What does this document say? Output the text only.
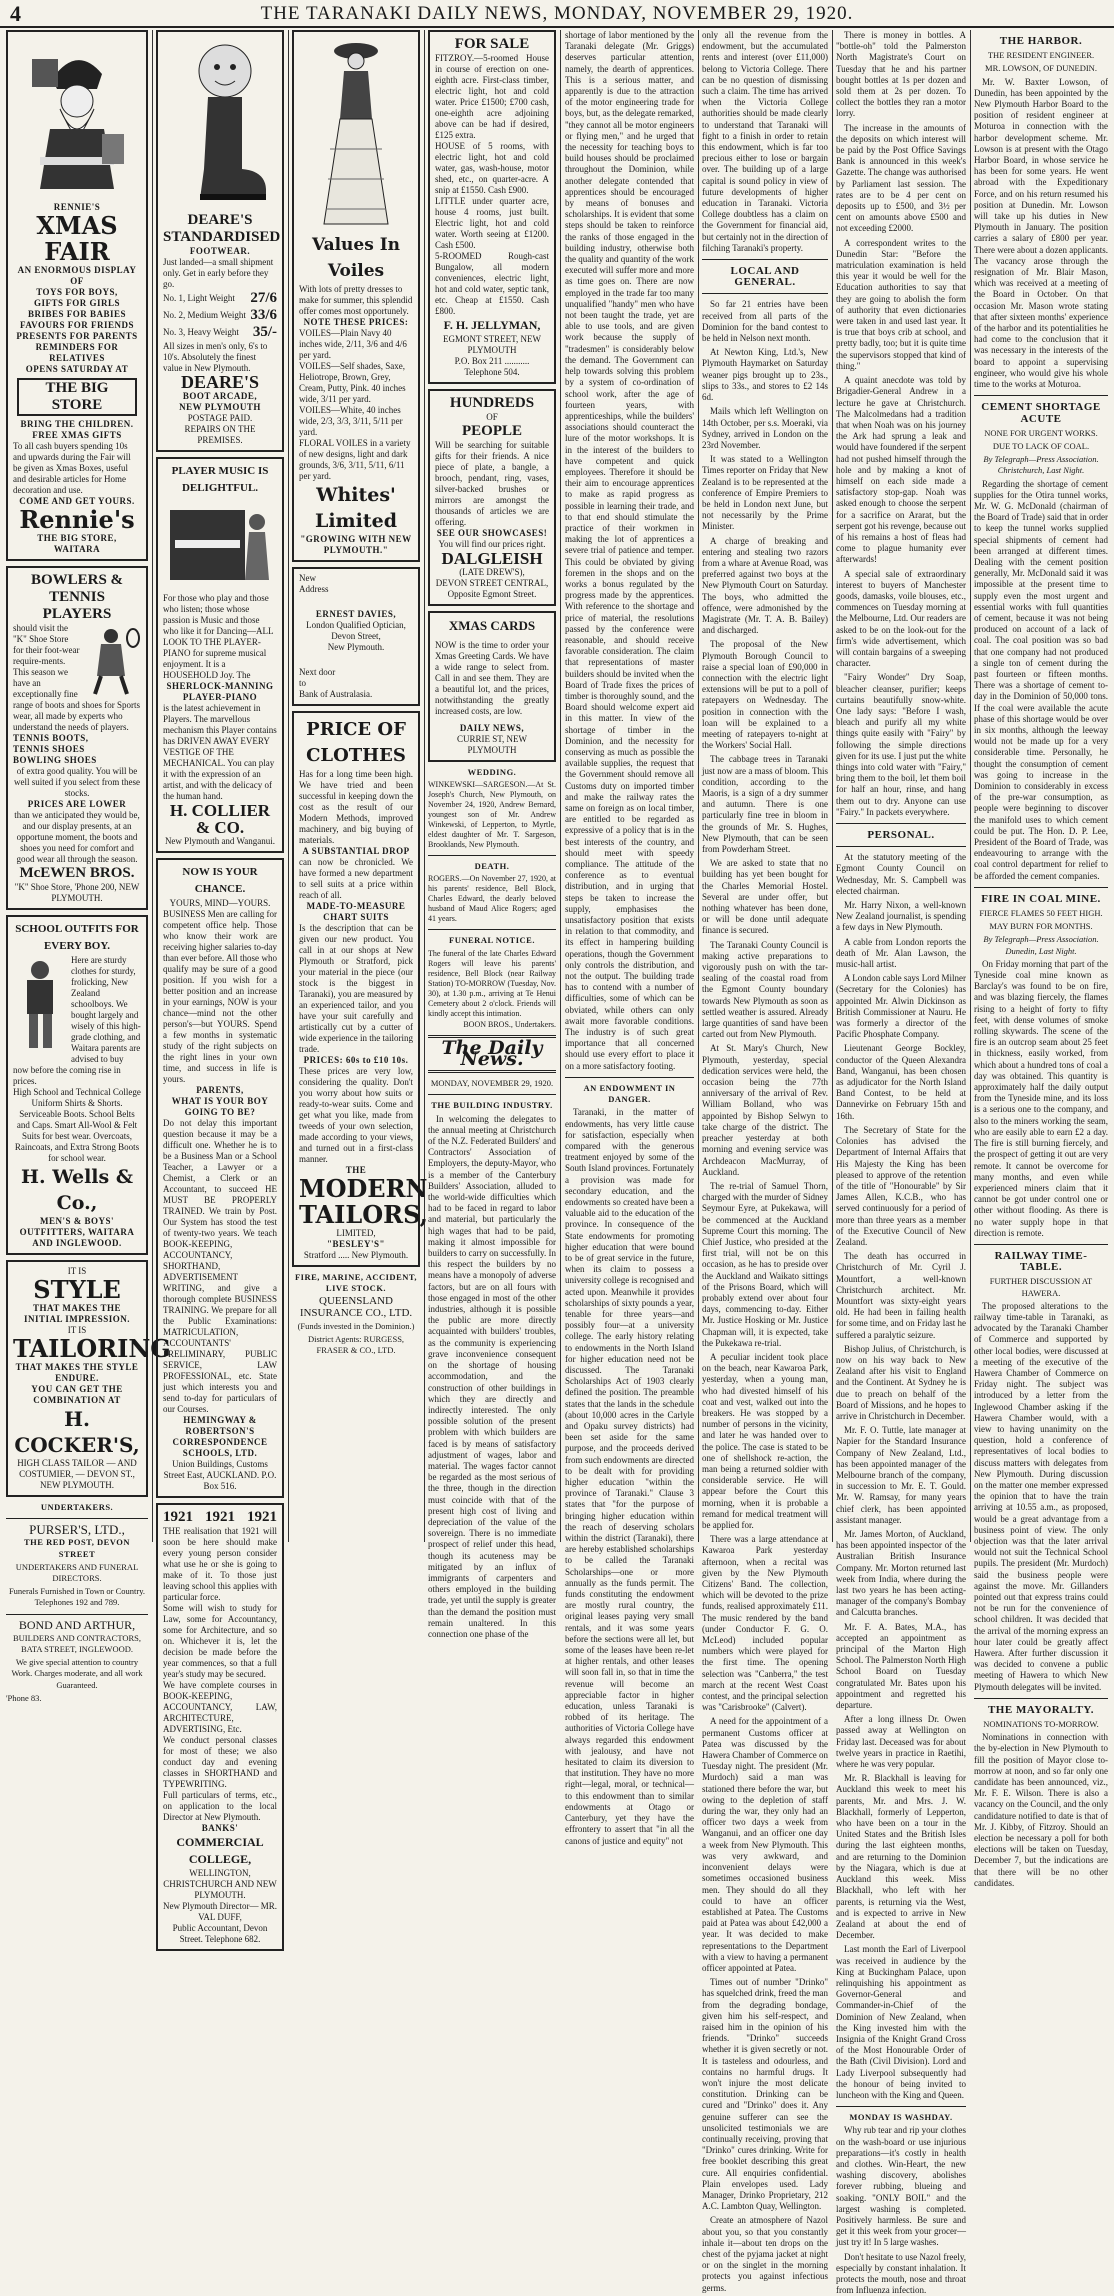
4	THE TARANAKI DAILY NEWS, MONDAY, NOVEMBER 29, 1920.
RENNIE'S
XMAS FAIR
AN ENORMOUS DISPLAY OF
TOYS FOR BOYS,
GIFTS FOR GIRLS
BRIBES FOR BABIES
FAVOURS FOR FRIENDS
PRESENTS FOR PARENTS
REMINDERS FOR RELATIVES
OPENS SATURDAY AT
THE BIG STORE
BRING THE CHILDREN.
FREE XMAS GIFTS
To all cash buyers spending 10s and upwards during the Fair will be given as Xmas Boxes, useful and desirable articles for Home decoration and use.
COME AND GET YOURS.
Rennie's
THE BIG STORE, WAITARA
BOWLERS & TENNIS PLAYERS
should visit the "K" Shoe Store for their foot-wear require-ments. This season we have an exceptionally fine range of boots and shoes for Sports wear, all made by experts who understand the needs of players.
TENNIS BOOTS,
TENNIS SHOES
BOWLING SHOES
of extra good quality. You will be well suited if you select from these stocks.
PRICES ARE LOWER
than we anticipated they would be, and our display presents, at an opportune moment, the boots and shoes you need for comfort and good wear all through the season.
McEWEN BROS.
"K" Shoe Store, 'Phone 200, NEW PLYMOUTH.
SCHOOL OUTFITS FOR EVERY BOY.
Here are sturdy clothes for sturdy, frolicking, New Zealand schoolboys. We bought largely and wisely of this high-grade clothing, and Waitara parents are advised to buy now before the coming rise in prices.
High School and Technical College Uniform Shirts & Shorts. Serviceable Boots. School Belts and Caps. Smart All-Wool & Felt Suits for best wear. Overcoats, Raincoats, and Extra Strong Boots for school wear.
H. Wells & Co.,
MEN'S & BOYS' OUTFITTERS, WAITARA AND INGLEWOOD.
IT IS
STYLE
THAT MAKES THE INITIAL IMPRESSION.
IT IS
TAILORING
THAT MAKES THE STYLE ENDURE.
YOU CAN GET THE COMBINATION AT
H. COCKER'S,
HIGH CLASS TAILOR — AND COSTUMIER, — DEVON ST., NEW PLYMOUTH.
UNDERTAKERS.
PURSER'S, LTD.,
THE RED POST, DEVON STREET
UNDERTAKERS AND FUNERAL DIRECTORS.
Funerals Furnished in Town or Country. Telephones 192 and 789.
BOND AND ARTHUR,
BUILDERS AND CONTRACTORS, BATA STREET, INGLEWOOD.
We give special attention to country Work. Charges moderate, and all work Guaranteed.
'Phone 83.
DEARE'S
STANDARDISED
FOOTWEAR.
Just landed—a small shipment only. Get in early before they go.
No. 1, Light Weight 27/6
No. 2, Medium Weight 33/6
No. 3, Heavy Weight 35/-
All sizes in men's only, 6's to 10's. Absolutely the finest value in New Plymouth.
DEARE'S
BOOT ARCADE,
NEW PLYMOUTH
POSTAGE PAID.
REPAIRS ON THE PREMISES.
PLAYER MUSIC IS DELIGHTFUL.
For those who play and those who listen; those whose passion is Music and those who like it for Dancing—ALL LOOK TO THE PLAYER-PIANO for supreme musical enjoyment. It is a HOUSEHOLD Joy. The
SHERLOCK-MANNING PLAYER-PIANO
is the latest achievement in Players. The marvellous mechanism this Player contains has DRIVEN AWAY EVERY VESTIGE OF THE MECHANICAL. You can play it with the expression of an artist, and with the delicacy of the human hand.
H. COLLIER & CO.
New Plymouth and Wanganui.
NOW IS YOUR CHANCE.
YOURS, MIND—YOURS.
BUSINESS Men are calling for competent office help. Those who know their work are receiving higher salaries to-day than ever before. All those who qualify may be sure of a good position. If you wish for a better position and an increase in your earnings, NOW is your chance—mind not the other person's—but YOURS. Spend a few months in systematic study of the right subjects on the right lines in your own time, and success in life is yours.
PARENTS,
WHAT IS YOUR BOY GOING TO BE?
Do not delay this important question because it may be a difficult one. Whether he is to be a Business Man or a School Teacher, a Lawyer or a Chemist, a Clerk or an Accountant, to succeed HE MUST BE PROPERLY TRAINED. We train by Post. Our System has stood the test of twenty-two years. We teach BOOK-KEEPING, ACCOUNTANCY, SHORTHAND, ADVERTISEMENT WRITING, and give a thorough complete BUSINESS TRAINING. We prepare for all the Public Examinations: MATRICULATION, ACCOUNTANTS' PRELIMINARY, PUBLIC SERVICE, LAW PROFESSIONAL, etc. State just which interests you and send to-day for particulars of our Courses.
HEMINGWAY & ROBERTSON'S CORRESPONDENCE SCHOOLS, LTD.
Union Buildings, Customs Street East, AUCKLAND. P.O. Box 516.
1921 1921 1921
THE realisation that 1921 will soon be here should make every young person consider what use he or she is going to make of it. To those just leaving school this applies with particular force.
Some will wish to study for Law, some for Accountancy, some for Architecture, and so on. Whichever it is, let the decision be made before the year commences, so that a full year's study may be secured.
We have complete courses in BOOK-KEEPING, ACCOUNTANCY, LAW, ARCHITECTURE, ADVERTISING, Etc.
We conduct personal classes for most of these; we also conduct day and evening classes in SHORTHAND and TYPEWRITING.
Full particulars of terms, etc., on application to the local Director at New Plymouth.
BANKS'
COMMERCIAL COLLEGE,
WELLINGTON, CHRISTCHURCH AND NEW PLYMOUTH.
New Plymouth Director— MR. VAL DUFF,
Public Accountant, Devon Street. Telephone 682.
Values In Voiles
With lots of pretty dresses to make for summer, this splendid offer comes most opportunely.
NOTE THESE PRICES:
VOILES—Plain Navy 40 inches wide, 2/11, 3/6 and 4/6 per yard.
VOILES—Self shades, Saxe, Heliotrope, Brown, Grey, Cream, Putty, Pink. 40 inches wide, 3/11 per yard.
VOILES—White, 40 inches wide, 2/3, 3/3, 3/11, 5/11 per yard.
FLORAL VOILES in a variety of new designs, light and dark grounds, 3/6, 3/11, 5/11, 6/11 per yard.
Whites' Limited
"GROWING WITH NEW PLYMOUTH."
New
Address
ERNEST DAVIES,
London Qualified Optician,
Devon Street,
New Plymouth.
Next door
to
Bank of Australasia.
PRICE OF CLOTHES
Has for a long time been high. We have tried and been successful in keeping down the cost as the result of our Modern Methods, improved machinery, and big buying of materials.
A SUBSTANTIAL DROP
can now be chronicled. We have formed a new department to sell suits at a price within reach of all.
MADE-TO-MEASURE CHART SUITS
Is the description that can be given our new product. You call in at our shops at New Plymouth or Stratford, pick your material in the piece (our stock is the biggest in Taranaki), you are measured by an experienced tailor, and you have your suit carefully and artistically cut by a cutter of wide experience in the tailoring trade.
PRICES: 60s to £10 10s.
These prices are very low, considering the quality. Don't you worry about how suits or ready-to-wear suits. Come and get what you like, made from tweeds of your own selection, made according to your views, and turned out in a first-class manner.
THE
MODERN
TAILORS,
LIMITED,
"BESLEY'S"
Stratford ..... New Plymouth.
FIRE, MARINE, ACCIDENT, LIVE STOCK.
QUEENSLAND INSURANCE CO., LTD.
(Funds invested in the Dominion.)
District Agents: RURGESS, FRASER & CO., LTD.
FOR SALE
FITZROY.—5-roomed House in course of erection on one-eighth acre. First-class timber, electric light, hot and cold water. Price £1500; £700 cash, one-eighth acre adjoining above can be had if desired, £125 extra.
HOUSE of 5 rooms, with electric light, hot and cold water, gas, wash-house, motor shed, etc., on quarter-acre. A snip at £1550. Cash £900.
LITTLE under quarter acre, house 4 rooms, just built. Electric light, hot and cold water. Worth seeing at £1200. Cash £500.
5-ROOMED Rough-cast Bungalow, all modern conveniences, electric light, hot and cold water, septic tank, etc. Cheap at £1550. Cash £800.
F. H. JELLYMAN,
EGMONT STREET, NEW PLYMOUTH
P.O. Box 211 ........... Telephone 504.
HUNDREDS
OF
PEOPLE
Will be searching for suitable gifts for their friends. A nice piece of plate, a bangle, a brooch, pendant, ring, vases, silver-backed brushes or mirrors are amongst the thousands of articles we are offering.
SEE OUR SHOWCASES!
You will find our prices right.
DALGLEISH
(LATE DREW'S),
DEVON STREET CENTRAL, Opposite Egmont Street.
XMAS CARDS
NOW is the time to order your Xmas Greeting Cards. We have a wide range to select from. Call in and see them. They are a beautiful lot, and the prices, notwithstanding the greatly increased costs, are low.
DAILY NEWS,
CURRIE ST, NEW PLYMOUTH
WEDDING.
WINKEWSKI—SARGESON.—At St. Joseph's Church, New Plymouth, on November 24, 1920, Andrew Bernard, youngest son of Mr. Andrew Winkewski, of Lepperton, to Myrtle, eldest daughter of Mr. T. Sargeson, Brooklands, New Plymouth.
DEATH.
ROGERS.—On November 27, 1920, at his parents' residence, Bell Block, Charles Edward, the dearly beloved husband of Maud Alice Rogers; aged 41 years.
FUNERAL NOTICE.
The funeral of the late Charles Edward Rogers will leave his parents' residence, Bell Block (near Railway Station) TO-MORROW (Tuesday, Nov. 30), at 1.30 p.m., arriving at Te Henui Cemetery about 2 o'clock. Friends will kindly accept this intimation.
BOON BROS., Undertakers.
The Daily News.
MONDAY, NOVEMBER 29, 1920.
THE BUILDING INDUSTRY.
In welcoming the delegates to the annual meeting at Christchurch of the N.Z. Federated Builders' and Contractors' Association of Employers, the deputy-Mayor, who is a member of the Canterbury Builders' Association, alluded to the world-wide difficulties which had to be faced in regard to labor and material, but particularly the high wages that had to be paid, making it almost impossible for builders to carry on successfully. In this respect the builders by no means have a monopoly of adverse factors, but are on all fours with those engaged in most of the other industries, although it is possible the public are more directly acquainted with builders' troubles, as the community is experiencing grave inconvenience consequent on the shortage of housing accommodation, and the construction of other buildings in which they are directly and indirectly interested. The only possible solution of the present problem with which builders are faced is by means of satisfactory adjustment of wages, labor and material. The wages factor cannot be regarded as the most serious of the three, though in the direction must coincide with that of the present high cost of living and depreciation of the value of the sovereign. There is no immediate prospect of relief under this head, though its acuteness may be mitigated by an influx of immigrants of carpenters and others employed in the building trade, yet until the supply is greater than the demand the position must remain unaltered. In this connection one phase of the
shortage of labor mentioned by the Taranaki delegate (Mr. Griggs) deserves particular attention, namely, the dearth of apprentices. This is a serious matter, and apparently is due to the attraction of the motor engineering trade for boys, but, as the delegate remarked, "they cannot all be motor engineers or flying men," and he urged that the necessity for teaching boys to build houses should be proclaimed throughout the Dominion, while another delegate contended that apprentices should be encouraged by means of bonuses and scholarships. It is evident that some steps should be taken to reinforce the ranks of those engaged in the building industry, otherwise both the quality and quantity of the work executed will suffer more and more as time goes on. There are now employed in the trade far too many unqualified "handy" men who have not been taught the trade, yet are able to use tools, and are given work because the supply of "tradesmen" is considerably below the demand. The Government can help towards solving this problem by a system of co-ordination of school work, after the age of fourteen years, with apprenticeships, while the builders' associations should counteract the lure of the motor workshops. It is in the interest of the builders to have competent and quick employees. Therefore it should be their aim to encourage apprentices to make as rapid progress as possible in learning their trade, and to that end should stimulate the practice of their workmen in making the lot of apprentices a severe trial of patience and temper. This could be obviated by giving foremen in the shops and on the works a bonus regulated by the progress made by the apprentices. With reference to the shortage and price of material, the resolutions passed by the conference were reasonable, and should receive favorable consideration. The claim that representations of master builders should be invited when the Board of Trade fixes the prices of timber is thoroughly sound, and the Board should welcome expert aid in this matter. In view of the shortage of timber in the Dominion, and the necessity for conserving as much as possible the available supplies, the request that the Government should remove all Customs duty on imported timber and make the railway rates the same on foreign as on local timber, are entitled to be regarded as expressive of a policy that is in the best interests of the country, and should meet with speedy compliance. The attitude of the conference as to eventual distribution, and in urging that steps be taken to increase the supply, emphasises the unsatisfactory position that exists in relation to that commodity, and its effect in hampering building operations, though the Government only controls the distribution, and not the output. The building trade has to contend with a number of difficulties, some of which can be obviated, while others can only await more favorable conditions. The industry is of such great importance that all concerned should use every effort to place it on a more satisfactory footing.
AN ENDOWMENT IN DANGER.
Taranaki, in the matter of endowments, has very little cause for satisfaction, especially when compared with the generous treatment enjoyed by some of the South Island provinces. Fortunately a provision was made for secondary education, and the endowments so created have been a valuable aid to the education of the province. In consequence of the State endowments for promoting higher education that were bound to be of great service in the future, when its claim to possess a university college is recognised and acted upon. Meanwhile it provides scholarships of sixty pounds a year, tenable for three years—and possibly four—at a university college. The early history relating to endowments in the North Island for higher education need not be discussed. The Taranaki Scholarships Act of 1903 clearly defined the position. The preamble states that the lands in the schedule (about 10,000 acres in the Carlyle and Opaku survey districts) had been set aside for the same purpose, and the proceeds derived from such endowments are directed to be dealt with for providing higher education "within the province of Taranaki." Clause 3 states that "for the purpose of bringing higher education within the reach of deserving scholars within the district (Taranaki), there are hereby established scholarships to be called the Taranaki Scholarships—one or more annually as the funds permit. The funds constituting the endowment are mostly rural country, the original leases paying very small rentals, and it was some years before the sections were all let, but some of the leases have been re-let at higher rentals, and other leases will soon fall in, so that in time the revenue will become an appreciable factor in higher education, unless Taranaki is robbed of its heritage. The authorities of Victoria College have always regarded this endowment with jealousy, and have not hesitated to claim its diversion to that institution. They have no more right—legal, moral, or technical—to this endowment than to similar endowments at Otago or Canterbury, yet they have the effrontery to assert that "in all the canons of justice and equity" not
only all the revenue from the endowment, but the accumulated rents and interest (over £11,000) belong to Victoria College. There can be no question of dismissing such a claim. The time has arrived when the Victoria College authorities should be made clearly to understand that Taranaki will fight to a finish in order to retain this endowment, which is far too precious either to lose or bargain over. The building up of a large capital is sound policy in view of future developments of higher education in Taranaki. Victoria College doubtless has a claim on the Government for financial aid, but certainly not in the direction of filching Taranaki's property.
LOCAL AND GENERAL.

So far 21 entries have been received from all parts of the Dominion for the band contest to be held in Nelson next month.

At Newton King, Ltd.'s, New Plymouth Haymarket on Saturday weaner pigs brought up to 23s., slips to 33s., and stores to £2 14s 6d.

Mails which left Wellington on 14th October, per s.s. Moeraki, via Sydney, arrived in London on the 23rd November.

It was stated to a Wellington Times reporter on Friday that New Zealand is to be represented at the conference of Empire Premiers to be held in London next June, but not necessarily by the Prime Minister.

A charge of breaking and entering and stealing two razors from a whare at Avenue Road, was preferred against two boys at the New Plymouth Court on Saturday. The boys, who admitted the offence, were admonished by the Magistrate (Mr. T. A. B. Bailey) and discharged.

The proposal of the New Plymouth Borough Council to raise a special loan of £90,000 in connection with the electric light extensions will be put to a poll of ratepayers on Wednesday. The position in connection with the loan will be explained to a meeting of ratepayers to-night at the Workers' Social Hall.

The cabbage trees in Taranaki just now are a mass of bloom. This condition, according to the Maoris, is a sign of a dry summer and autumn. There is one particularly fine tree in bloom in the grounds of Mr. S. Hughes, New Plymouth, that can be seen from Powderham Street.

We are asked to state that no building has yet been bought for the Charles Memorial Hostel. Several are under offer, but nothing whatever has been done, or will be done until adequate finance is secured.

The Taranaki County Council is making active preparations to vigorously push on with the tar-sealing of the coastal road from the Egmont County boundary towards New Plymouth as soon as settled weather is assured. Already large quantities of sand have been carted out from New Plymouth.

At St. Mary's Church, New Plymouth, yesterday, special dedication services were held, the occasion being the 77th anniversary of the arrival of Rev. William Bolland, who was appointed by Bishop Selwyn to take charge of the district. The preacher yesterday at both morning and evening service was Archdeacon MacMurray, of Auckland.

The re-trial of Samuel Thorn, charged with the murder of Sidney Seymour Eyre, at Pukekawa, will be commenced at the Auckland Supreme Court this morning. The Chief Justice, who presided at the first trial, will not be on this occasion, as he has to preside over the Auckland and Waikato sittings of the Prisons Board, which will probably extend over about four days, commencing to-day. Either Mr. Justice Hosking or Mr. Justice Chapman will, it is expected, take the Pukekawa re-trial.

A peculiar incident took place on the beach, near Kawaroa Park, yesterday, when a young man, who had divested himself of his coat and vest, walked out into the breakers. He was stopped by a number of persons in the vicinity, and later he was handed over to the police. The case is stated to be one of shellshock re-action, the man being a returned soldier with considerable service. He will appear before the Court this morning, when it is probable a remand for medical treatment will be applied for.

There was a large attendance at Kawaroa Park yesterday afternoon, when a recital was given by the New Plymouth Citizens' Band. The collection, which will be devoted to the prize funds, realised approximately £11. The music rendered by the band (under Conductor F. G. O. McLeod) included popular numbers which were played for the first time. The opening selection was "Canberra," the test march at the recent West Coast contest, and the principal selection was "Carisbrooke" (Calvert).

A need for the appointment of a permanent Customs officer at Patea was discussed by the Hawera Chamber of Commerce on Tuesday night. The president (Mr. Murdoch) said a man was stationed there before the war, but owing to the depletion of staff during the war, they only had an officer two days a week from Wanganui, and an officer one day a week from New Plymouth. This was very awkward, and inconvenient delays were sometimes occasioned business men. They should do all they could to have an officer established at Patea. The Customs paid at Patea was about £42,000 a year. It was decided to make representations to the Department with a view to having a permanent officer appointed at Patea.

Times out of number "Drinko" has squelched drink, freed the man from the degrading bondage, given him his self-respect, and raised him in the opinion of his friends. "Drinko" succeeds whether it is given secretly or not. It is tasteless and odourless, and contains no harmful drugs. It won't injure the most delicate constitution. Drinking can be cured and "Drinko" does it. Any genuine sufferer can see the unsolicited testimonials we are continually receiving, proving that "Drinko" cures drinking. Write for free booklet describing this great cure. All enquiries confidential. Plain envelopes used. Lady Manager, Drinko Proprietary, 212 A.C. Lambton Quay, Wellington.

Create an atmosphere of Nazol about you, so that you constantly inhale it—about ten drops on the chest of the pyjama jacket at night or on the singlet in the morning protects you against infectious germs.

There is money in bottles. A "bottle-oh" told the Palmerston North Magistrate's Court on Tuesday that he and his partner bought bottles at 1s per dozen and sold them at 2s per dozen. To collect the bottles they ran a motor lorry.

The increase in the amounts of the deposits on which interest will be paid by the Post Office Savings Bank is announced in this week's Gazette. The change was authorised by Parliament last session. The rates are to be 4 per cent on deposits up to £500, and 3½ per cent on amounts above £500 and not exceeding £2000.

A correspondent writes to the Dunedin Star: "Before the matriculation examination is held this year it would be well for the Education authorities to say that they are going to abolish the form of authority that even dictionaries were taken in and used last year. It is true that boys crib at school, and pretty badly, too; but it is quite time the supervisors stopped that kind of thing."

A quaint anecdote was told by Brigadier-General Andrew in a lecture he gave at Christchurch. The Malcolmedans had a tradition that when Noah was on his journey the Ark had sprung a leak and would have foundered if the serpent had not pushed himself through the hole and by making a knot of himself on each side made a satisfactory stop-gap. Noah was asked enough to choose the serpent for a sacrifice on Ararat, but the serpent got his revenge, because out of his remains a host of fleas had come to plague humanity ever afterwards!

A special sale of extraordinary interest to buyers of Manchester goods, damasks, voile blouses, etc., commences on Tuesday morning at the Melbourne, Ltd. Our readers are asked to be on the look-out for the firm's wide advertisement, which will contain bargains of a sweeping character.

"Fairy Wonder" Dry Soap, bleacher cleanser, purifier; keeps curtains beautifully snow-white. One lady says: "Before I wash, bleach and purify all my white things quite easily with "Fairy" by following the simple directions given for its use. I just put the white things into cold water with "Fairy," bring them to the boil, let them boil for half an hour, rinse, and hang them out to dry. Anyone can use "Fairy." In packets everywhere.

PERSONAL.

At the statutory meeting of the Egmont County Council on Wednesday, Mr. S. Campbell was elected chairman.

Mr. Harry Nixon, a well-known New Zealand journalist, is spending a few days in New Plymouth.

A cable from London reports the death of Mr. Alan Lawson, the music-hall artist.

A London cable says Lord Milner (Secretary for the Colonies) has appointed Mr. Alwin Dickinson as British Commissioner at Nauru. He was formerly a director of the Pacific Phosphate Company.

Lieutenant George Bockley, conductor of the Queen Alexandra Band, Wanganui, has been chosen as adjudicator for the North Island Band Contest, to be held at Dannevirke on February 15th and 16th.

The Secretary of State for the Colonies has advised the Department of Internal Affairs that His Majesty the King has been pleased to approve of the retention of the title of "Honourable" by Sir James Allen, K.C.B., who has served continuously for a period of more than three years as a member of the Executive Council of New Zealand.

The death has occurred in Christchurch of Mr. Cyril J. Mountfort, a well-known Christchurch architect. Mr. Mountfort was sixty-eight years old. He had been in failing health for some time, and on Friday last he suffered a paralytic seizure.

Bishop Julius, of Christchurch, is now on his way back to New Zealand after his visit to England and the Continent. At Sydney he is due to preach on behalf of the Board of Missions, and he hopes to arrive in Christchurch in December.

Mr. F. O. Tuttle, late manager at Napier for the Standard Insurance Company of New Zealand, Ltd., has been appointed manager of the Melbourne branch of the company, in succession to Mr. E. T. Gould. Mr. W. Ramsay, for many years chief clerk, has been appointed assistant manager.

Mr. James Morton, of Auckland, has been appointed inspector of the Australian British Insurance Company. Mr. Morton returned last week from India, where during the last two years he has been acting-manager of the company's Bombay and Calcutta branches.

Mr. F. A. Bates, M.A., has accepted an appointment as principal of the Marton High School. The Palmerston North High School Board on Tuesday congratulated Mr. Bates upon his appointment and regretted his departure.

After a long illness Dr. Owen passed away at Wellington on Friday last. Deceased was for about twelve years in practice in Raetihi, where he was very popular.

Mr. R. Blackhall is leaving for Auckland this week to meet his parents, Mr. and Mrs. J. W. Blackhall, formerly of Lepperton, who have been on a tour in the United States and the British Isles during the last eighteen months, and are returning to the Dominion by the Niagara, which is due at Auckland this week. Miss Blackhall, who left with her parents, is returning via the West, and is expected to arrive in New Zealand at about the end of December.

Last month the Earl of Liverpool was received in audience by the King at Buckingham Palace, upon relinquishing his appointment as Governor-General and Commander-in-Chief of the Dominion of New Zealand, when the King invested him with the Insignia of the Knight Grand Cross of the Most Honourable Order of the Bath (Civil Division). Lord and Lady Liverpool subsequently had the honour of being invited to luncheon with the King and Queen.

MONDAY IS WASHDAY.

Why rub tear and rip your clothes on the wash-board or use injurious preparations—it's costly in health and clothes. Win-Heart, the new washing discovery, abolishes forever rubbing, blueing and soaking. "ONLY BOIL" and the largest washing is completed. Positively harmless. Be sure and get it this week from your grocer—just try it! In 5 large washes.

Don't hesitate to use Nazol freely, especially by constant inhalation. It protects the mouth, nose and throat from Influenza infection.

THE HARBOR.
THE RESIDENT ENGINEER.
MR. LOWSON, OF DUNEDIN.
Mr. W. Baxter Lowson, of Dunedin, has been appointed by the New Plymouth Harbor Board to the position of resident engineer at Moturoa in connection with the harbor development scheme. Mr. Lowson is at present with the Otago Harbor Board, in whose service he has been for some years. He went abroad with the Expeditionary Force, and on his return resumed his position at Dunedin. Mr. Lowson will take up his duties in New Plymouth in January. The position carries a salary of £800 per year. There were about a dozen applicants. The vacancy arose through the resignation of Mr. Blair Mason, which was received at a meeting of the Board in October. On that occasion Mr. Mason wrote stating that after sixteen months' experience of the harbor and its potentialities he had come to the conclusion that it was necessary in the interests of the board to appoint a supervising engineer, who would give his whole time to the works at Moturoa.
CEMENT SHORTAGE ACUTE
NONE FOR URGENT WORKS.
DUE TO LACK OF COAL.
By Telegraph—Press Association. Christchurch, Last Night.
Regarding the shortage of cement supplies for the Otira tunnel works, Mr. W. G. McDonald (chairman of the Board of Trade) said that in order to keep the tunnel works supplied special shipments of cement had been arranged at different times. Dealing with the cement position generally, Mr. McDonald said it was impossible at the present time to supply even the most urgent and essential works with full quantities of cement, because it was not being produced on account of a lack of coal. The coal position was so bad that one company had not produced a single ton of cement during the past fourteen or fifteen months. There was a shortage of cement to-day in the Dominion of 50,000 tons. If the coal were available the acute phase of this shortage would be over in six months, although the leeway would not be made up for a very considerable time. Personally, he thought the consumption of cement was going to increase in the Dominion to considerably in excess of the pre-war consumption, as people were beginning to discover the manifold uses to which cement could be put. The Hon. D. P. Lee, President of the Board of Trade, was endeavouring to arrange with the coal control department for relief to be afforded the cement companies.
FIRE IN COAL MINE.
FIERCE FLAMES 50 FEET HIGH.
MAY BURN FOR MONTHS.
By Telegraph—Press Association. Dunedin, Last Night.
On Friday morning that part of the Tyneside coal mine known as Barclay's was found to be on fire, and was blazing fiercely, the flames rising to a height of forty to fifty feet, with dense volumes of smoke rolling skywards. The scene of the fire is an outcrop seam about 25 feet in thickness, easily worked, from which about a hundred tons of coal a day was obtained. This quantity is approximately half the daily output from the Tyneside mine, and its loss is a serious one to the company, and also to the miners working the seam, who are easily able to earn £2 a day. The fire is still burning fiercely, and the prospect of getting it out are very remote. It cannot be overcome for many months, and even while experienced miners claim that it cannot be got under control one or other without flooding. As there is no water supply hope in that direction is remote.
RAILWAY TIME-TABLE.
FURTHER DISCUSSION AT HAWERA.
The proposed alterations to the railway time-table in Taranaki, as advocated by the Taranaki Chamber of Commerce and supported by other local bodies, were discussed at a meeting of the executive of the Hawera Chamber of Commerce on Friday night. The subject was introduced by a letter from the Inglewood Chamber asking if the Hawera Chamber would, with a view to having unanimity on the question, hold a conference of representatives of local bodies to discuss matters with delegates from New Plymouth. During discussion on the matter one member expressed the opinion that to have the train arriving at 10.55 a.m., as proposed, would be a great advantage from a business point of view. The only objection was that the later arrival would not suit the Technical School pupils. The president (Mr. Murdoch) said the business people were against the move. Mr. Gillanders pointed out that express trains could not be run for the convenience of school children. It was decided that the arrival of the morning express an hour later could be greatly affect Hawera. After further discussion it was decided to convene a public meeting of Hawera to which New Plymouth delegates will be invited.
THE MAYORALTY.
NOMINATIONS TO-MORROW.
Nominations in connection with the by-election in New Plymouth to fill the position of Mayor close to-morrow at noon, and so far only one candidate has been announced, viz., Mr. F. E. Wilson. There is also a vacancy on the Council, and the only candidature notified to date is that of Mr. J. Kibby, of Fitzroy. Should an election be necessary a poll for both elections will be taken on Tuesday, December 7, but the indications are that there will be no other candidates.
